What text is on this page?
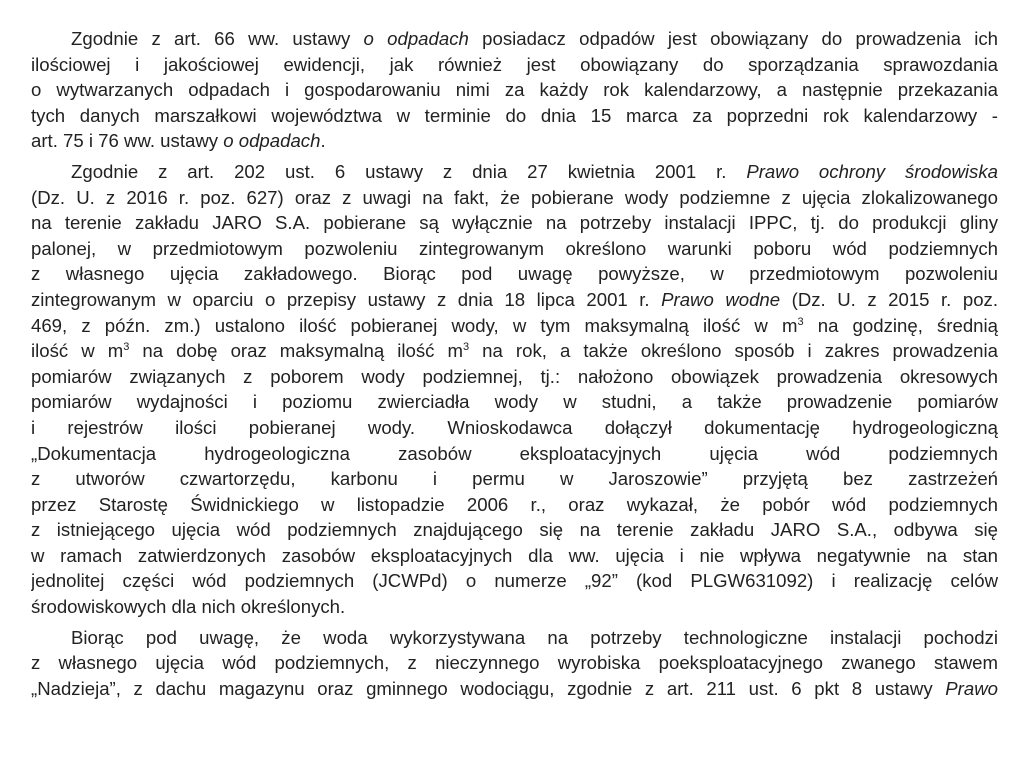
Zgodnie z art. 66 ww. ustawy o odpadach posiadacz odpadów jest obowiązany do prowadzenia ich
ilościowej i jakościowej ewidencji, jak również jest obowiązany do sporządzania sprawozdania
o wytwarzanych odpadach i gospodarowaniu nimi za każdy rok kalendarzowy, a następnie przekazania
tych danych marszałkowi województwa w terminie do dnia 15 marca za poprzedni rok kalendarzowy -
art. 75 i 76 ww. ustawy o odpadach.
Zgodnie z art. 202 ust. 6 ustawy z dnia 27 kwietnia 2001 r. Prawo ochrony środowiska
(Dz. U. z 2016 r. poz. 627) oraz z uwagi na fakt, że pobierane wody podziemne z ujęcia zlokalizowanego
na terenie zakładu JARO S.A. pobierane są wyłącznie na potrzeby instalacji IPPC, tj. do produkcji gliny
palonej, w przedmiotowym pozwoleniu zintegrowanym określono warunki poboru wód podziemnych
z własnego ujęcia zakładowego. Biorąc pod uwagę powyższe, w przedmiotowym pozwoleniu
zintegrowanym w oparciu o przepisy ustawy z dnia 18 lipca 2001 r. Prawo wodne (Dz. U. z 2015 r. poz.
469, z późn. zm.) ustalono ilość pobieranej wody, w tym maksymalną ilość w $m^3$ na godzinę, średnią
ilość w $m^3$ na dobę oraz maksymalną ilość $m^3$ na rok, a także określono sposób i zakres prowadzenia
pomiarów związanych z poborem wody podziemnej, tj.: nałożono obowiązek prowadzenia okresowych
pomiarów wydajności i poziomu zwierciadła wody w studni, a także prowadzenie pomiarów
i rejestrów ilości pobieranej wody. Wnioskodawca dołączył dokumentację hydrogeologiczną
„Dokumentacja hydrogeologiczna zasobów eksploatacyjnych ujęcia wód podziemnych
z utworów czwartorzędu, karbonu i permu w Jaroszowie” przyjętą bez zastrzeżeń
przez Starostę Świdnickiego w listopadzie 2006 r., oraz wykazał, że pobór wód podziemnych
z istniejącego ujęcia wód podziemnych znajdującego się na terenie zakładu JARO S.A., odbywa się
w ramach zatwierdzonych zasobów eksploatacyjnych dla ww. ujęcia i nie wpływa negatywnie na stan
jednolitej części wód podziemnych (JCWPd) o numerze „92” (kod PLGW631092) i realizację celów
środowiskowych dla nich określonych.
Biorąc pod uwagę, że woda wykorzystywana na potrzeby technologiczne instalacji pochodzi
z własnego ujęcia wód podziemnych, z nieczynnego wyrobiska poeksploatacyjnego zwanego stawem
„Nadzieja”, z dachu magazynu oraz gminnego wodociągu, zgodnie z art. 211 ust. 6 pkt 8 ustawy Prawo
